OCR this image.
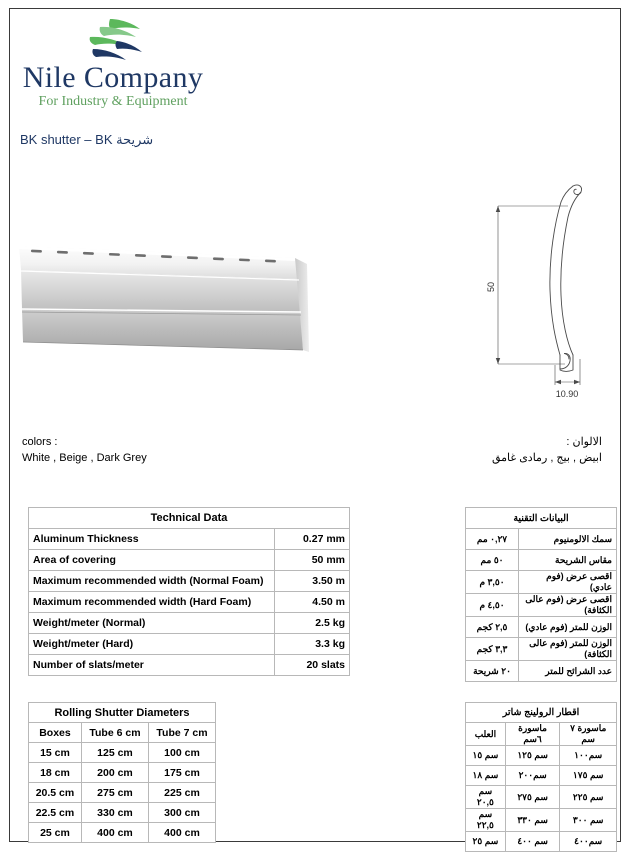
Nile Company
For Industry & Equipment
BK shutter – BK شريحة
50
10.90
colors :
White , Beige , Dark Grey
الالوان :
ابيض , بيج , رمادى غامق
Technical Data	
Aluminum Thickness	0.27 mm
Area of covering	50 mm
Maximum recommended width (Normal Foam)	3.50 m
Maximum recommended width (Hard Foam)	4.50 m
Weight/meter (Normal)	2.5 kg
Weight/meter (Hard)	3.3 kg
Number of slats/meter	20 slats
البيانات التقنية	
سمك الالومنيوم	٠,٢٧ مم
مقاس الشريحة	٥٠ مم
اقصى عرض (فوم عادي)	٣,٥٠ م
اقصى عرض (فوم عالى الكثافة)	٤,٥٠ م
الوزن للمتر (فوم عادي)	٢,٥ كجم
الوزن للمتر (فوم عالى الكثافة)	٣,٣ كجم
عدد الشرائح للمتر	٢٠ شريحة
Rolling Shutter Diameters		
Boxes	Tube 6 cm	Tube 7 cm
15 cm	125 cm	100 cm
18 cm	200 cm	175 cm
20.5 cm	275 cm	225 cm
22.5 cm	330 cm	300 cm
25 cm	400 cm	400 cm
اقطار الرولينج شاتر		
ماسورة ٧ سم	ماسورة ٦سم	العلب
سم١٠٠	سم ١٢٥	سم ١٥
سم ١٧٥	سم٢٠٠	سم ١٨
سم ٢٢٥	سم ٢٧٥	سم ٢٠,٥
سم ٣٠٠	سم ٣٣٠	سم ٢٢,٥
سم٤٠٠	سم ٤٠٠	سم ٢٥
